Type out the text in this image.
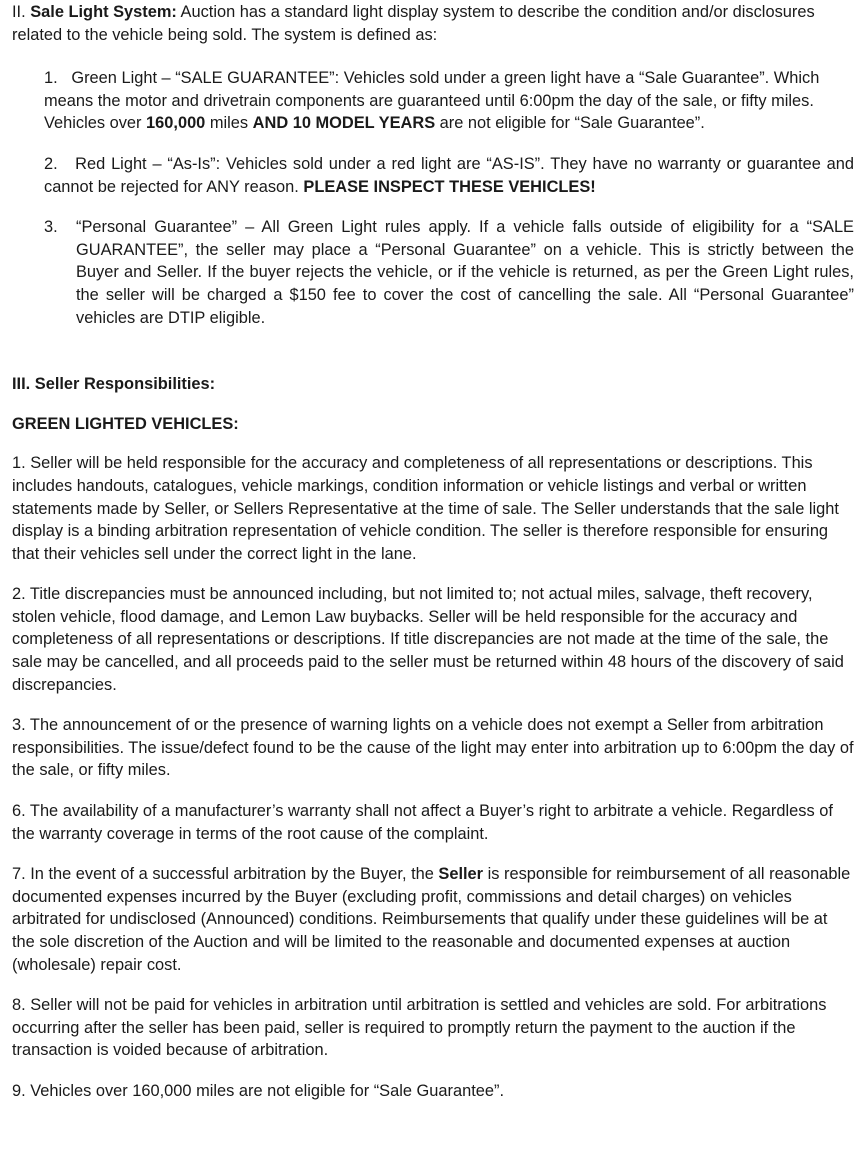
II. Sale Light System: Auction has a standard light display system to describe the condition and/or disclosures related to the vehicle being sold. The system is defined as:

1. Green Light – “SALE GUARANTEE”: Vehicles sold under a green light have a “Sale Guarantee”. Which means the motor and drivetrain components are guaranteed until 6:00pm the day of the sale, or fifty miles. Vehicles over 160,000 miles AND 10 MODEL YEARS are not eligible for “Sale Guarantee”.

2. Red Light – “As-Is”: Vehicles sold under a red light are “AS-IS”. They have no warranty or guarantee and cannot be rejected for ANY reason. PLEASE INSPECT THESE VEHICLES!

3. “Personal Guarantee” – All Green Light rules apply. If a vehicle falls outside of eligibility for a “SALE GUARANTEE”, the seller may place a “Personal Guarantee” on a vehicle. This is strictly between the Buyer and Seller. If the buyer rejects the vehicle, or if the vehicle is returned, as per the Green Light rules, the seller will be charged a $150 fee to cover the cost of cancelling the sale. All “Personal Guarantee” vehicles are DTIP eligible.

III. Seller Responsibilities:

GREEN LIGHTED VEHICLES:

1. Seller will be held responsible for the accuracy and completeness of all representations or descriptions. This includes handouts, catalogues, vehicle markings, condition information or vehicle listings and verbal or written statements made by Seller, or Sellers Representative at the time of sale. The Seller understands that the sale light display is a binding arbitration representation of vehicle condition. The seller is therefore responsible for ensuring that their vehicles sell under the correct light in the lane.

2. Title discrepancies must be announced including, but not limited to; not actual miles, salvage, theft recovery, stolen vehicle, flood damage, and Lemon Law buybacks. Seller will be held responsible for the accuracy and completeness of all representations or descriptions. If title discrepancies are not made at the time of the sale, the sale may be cancelled, and all proceeds paid to the seller must be returned within 48 hours of the discovery of said discrepancies.

3. The announcement of or the presence of warning lights on a vehicle does not exempt a Seller from arbitration responsibilities. The issue/defect found to be the cause of the light may enter into arbitration up to 6:00pm the day of the sale, or fifty miles.

6. The availability of a manufacturer’s warranty shall not affect a Buyer’s right to arbitrate a vehicle. Regardless of the warranty coverage in terms of the root cause of the complaint.

7. In the event of a successful arbitration by the Buyer, the Seller is responsible for reimbursement of all reasonable documented expenses incurred by the Buyer (excluding profit, commissions and detail charges) on vehicles arbitrated for undisclosed (Announced) conditions. Reimbursements that qualify under these guidelines will be at the sole discretion of the Auction and will be limited to the reasonable and documented expenses at auction (wholesale) repair cost.

8. Seller will not be paid for vehicles in arbitration until arbitration is settled and vehicles are sold. For arbitrations occurring after the seller has been paid, seller is required to promptly return the payment to the auction if the transaction is voided because of arbitration.

9. Vehicles over 160,000 miles are not eligible for “Sale Guarantee”.
